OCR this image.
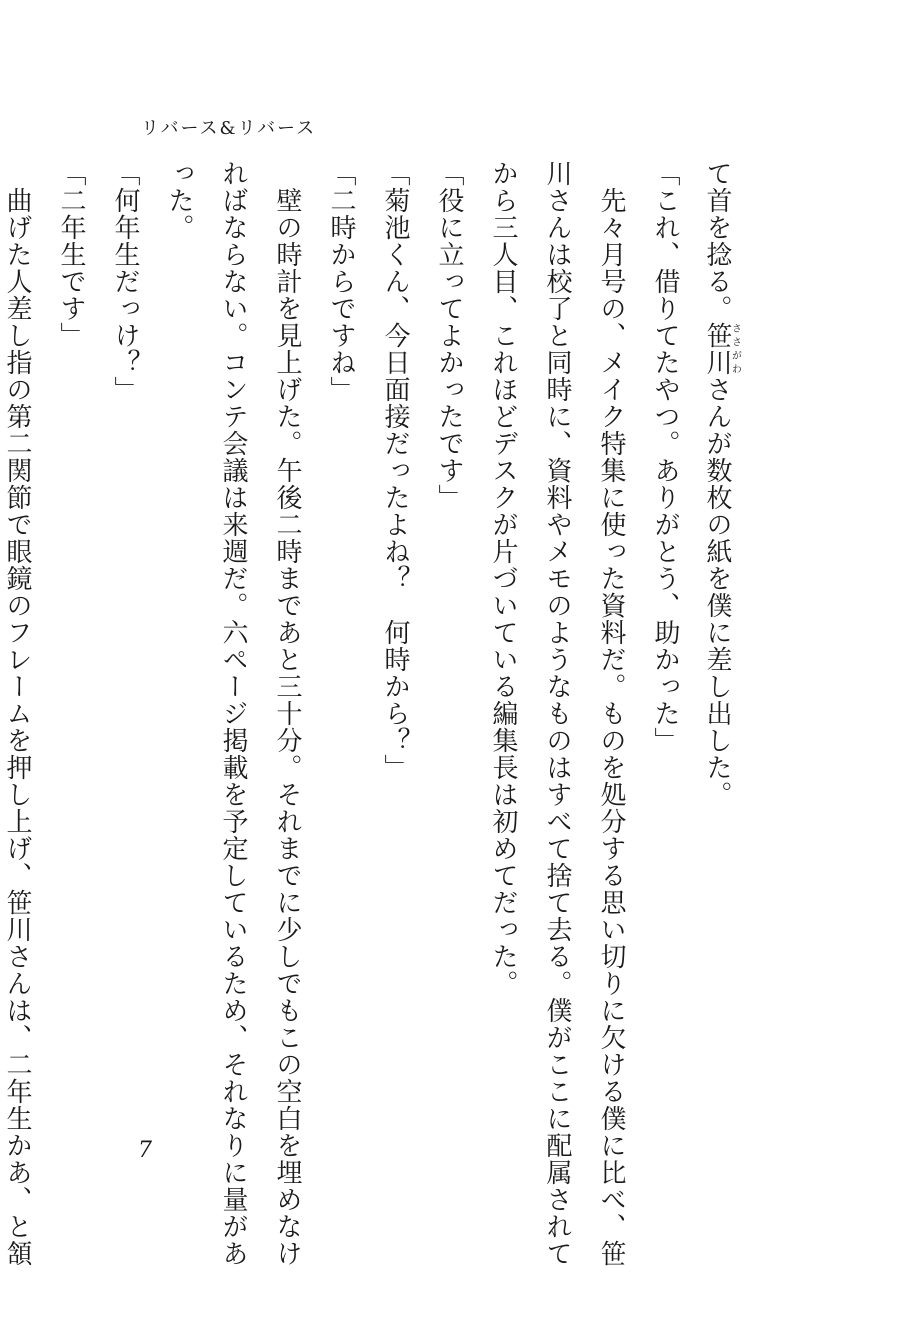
リバース&リバース
て首を捻る。笹川ささがわさんが数枚の紙を僕に差し出した。
「これ、借りてたやつ。ありがとう、助かった」
　先々月号の、メイク特集に使った資料だ。ものを処分する思い切りに欠ける僕に比べ、笹
川さんは校了と同時に、資料やメモのようなものはすべて捨て去る。僕がここに配属されて
から三人目、これほどデスクが片づいている編集長は初めてだった。
「役に立ってよかったです」
「菊池くん、今日面接だったよね？　何時から？」
「二時からですね」
　壁の時計を見上げた。午後二時まであと三十分。それまでに少しでもこの空白を埋めなけ
ればならない。コンテ会議は来週だ。六ページ掲載を予定しているため、それなりに量があ
った。
「何年生だっけ？」
「二年生です」
　曲げた人差し指の第二関節で眼鏡のフレームを押し上げ、笹川さんは、二年生かあ、と頷	7
